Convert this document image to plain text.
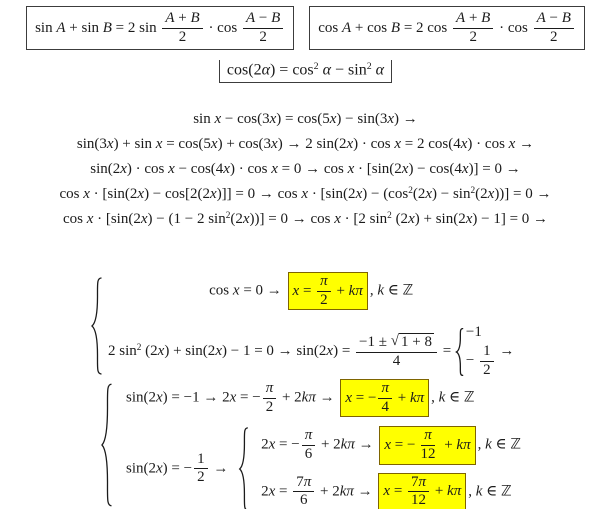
sin A + sin B = 2 $\sin \frac{A + B}{2} \cdot \cos \frac{A - B}{2}$ cos A + cos B = 2 $\cos \frac{A + B}{2} \cdot \cos \frac{A - B}{2}$
$\cos(2\alpha) = \cos^2 \alpha - \sin^2 \alpha$
sin x − cos(3x) = cos(5x) − sin(3x) →
sin(3x) + sin x = cos(5x) + cos(3x) → 2 sin(2x) · cos x = 2 cos(4x) · cos x →
sin(2x) · cos x − cos(4x) · cos x = 0 → cos x · [sin(2x) − cos(4x)] = 0 →
$\cos x \cdot [\sin(2x) - \cos[2(2x)]] = 0 \to \cos x \cdot [\sin(2x) - (\cos^2(2x) - \sin^2(2x))] = 0$ →
cos x · [sin(2x) − (1 − 2 $\sin^2(2x))] = 0 \to \cos x \cdot [2$ $\sin^2 (2x) + \sin(2x) - 1] = 0$ →
$\cos x = 0 \to x = \frac{\pi}{2} + k\pi$ , k ∈ ℤ
2 $\sin^2 (2x) + \sin(2x) - 1 = 0 \to \sin(2x) = \frac{-1 \pm √ 1 + 8}{4}$ =
−1
− $\frac{1}{2}$ →
sin(2x) = −1 → 2x = − $\frac{\pi}{2} + 2k\pi \to x$ = − $\frac{\pi}{4} + k\pi$ , k ∈ ℤ
sin(2x) = − $\frac{1}{2}$ →
2x = − $\frac{\pi}{6} + 2k\pi \to x$ = − $\frac{\pi}{12} + k\pi$ , k ∈ ℤ
$2x = \frac{7 \pi}{6} + 2k\pi \to x = \frac{7 \pi}{12} + k\pi$ , k ∈ ℤ
